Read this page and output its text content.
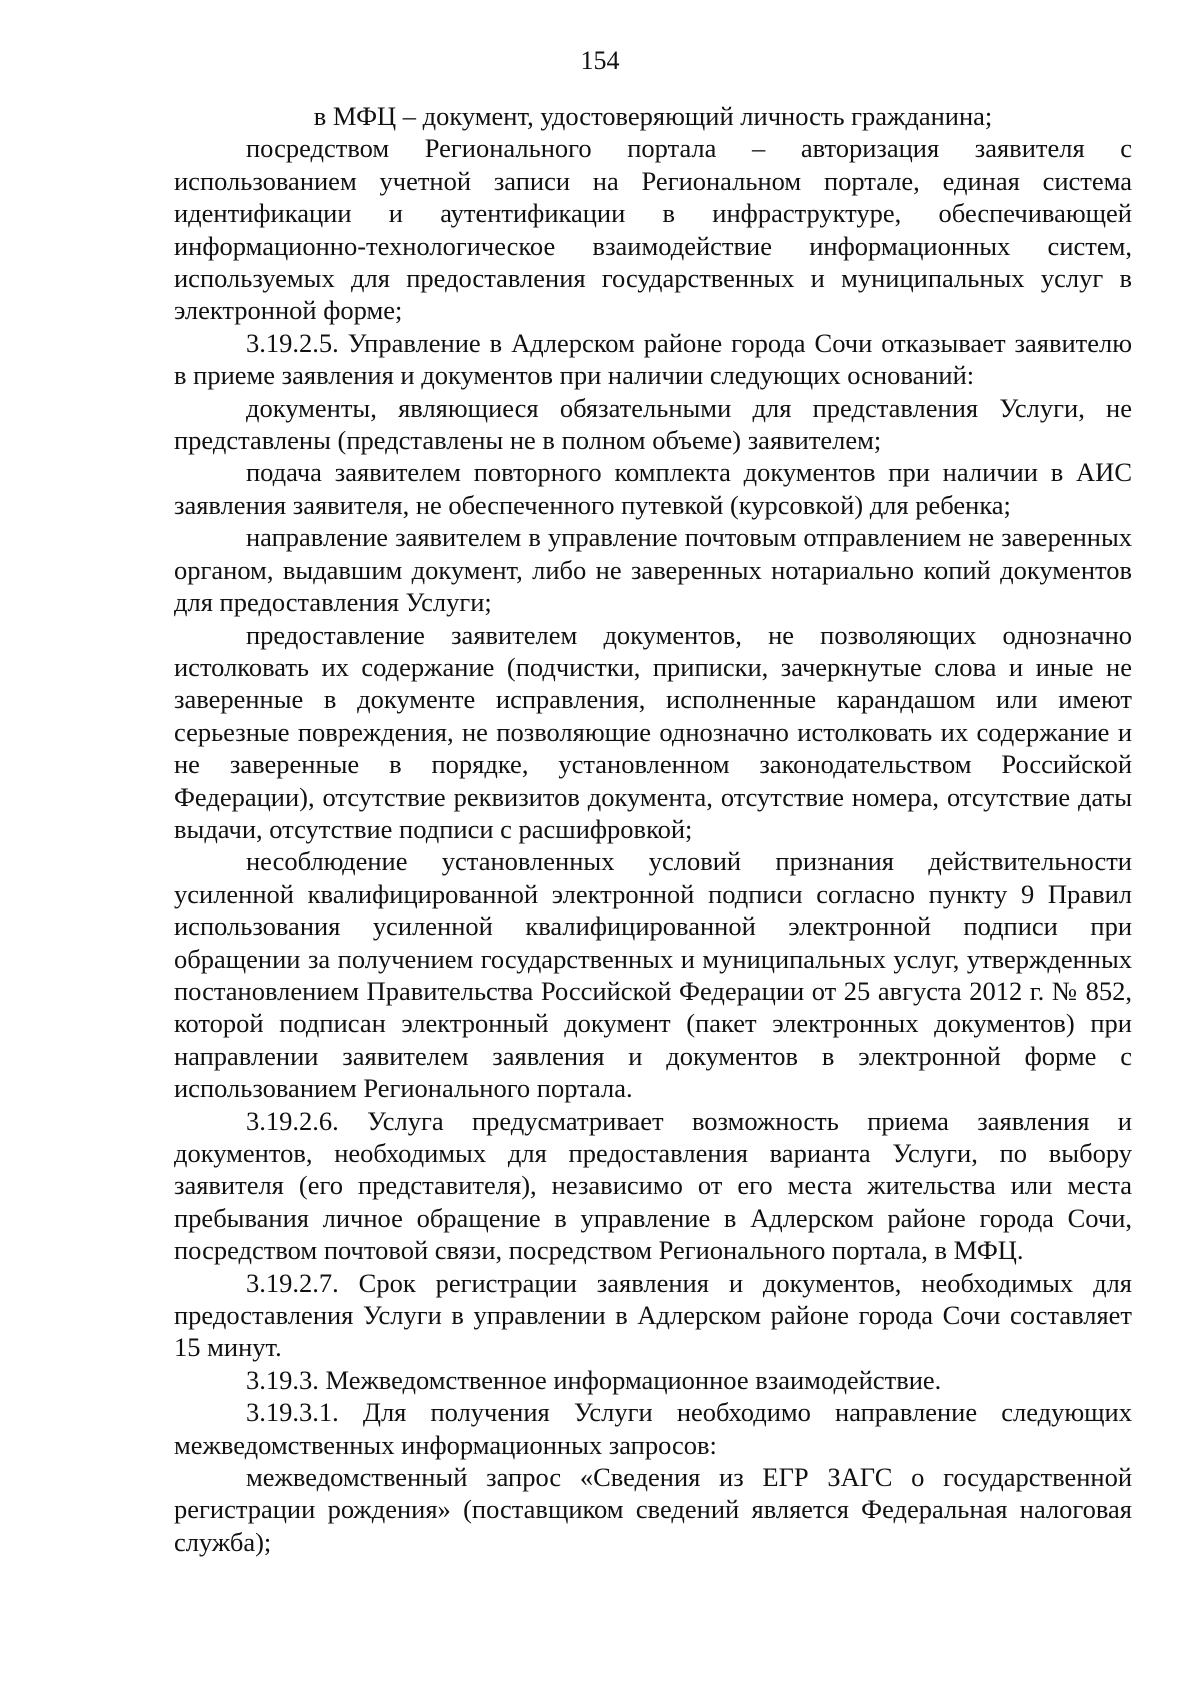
154

в МФЦ – документ, удостоверяющий личность гражданина;

посредством Регионального портала – авторизация заявителя с использованием учетной записи на Региональном портале, единая система идентификации и аутентификации в инфраструктуре, обеспечивающей информационно-технологическое взаимодействие информационных систем, используемых для предоставления государственных и муниципальных услуг в электронной форме;

3.19.2.5. Управление в Адлерском районе города Сочи отказывает заявителю в приеме заявления и документов при наличии следующих оснований:

документы, являющиеся обязательными для представления Услуги, не представлены (представлены не в полном объеме) заявителем;

подача заявителем повторного комплекта документов при наличии в АИС заявления заявителя, не обеспеченного путевкой (курсовкой) для ребенка;

направление заявителем в управление почтовым отправлением не заверенных органом, выдавшим документ, либо не заверенных нотариально копий документов для предоставления Услуги;

предоставление заявителем документов, не позволяющих однозначно истолковать их содержание (подчистки, приписки, зачеркнутые слова и иные не заверенные в документе исправления, исполненные карандашом или имеют серьезные повреждения, не позволяющие однозначно истолковать их содержание и не заверенные в порядке, установленном законодательством Российской Федерации), отсутствие реквизитов документа, отсутствие номера, отсутствие даты выдачи, отсутствие подписи с расшифровкой;

несоблюдение установленных условий признания действительности усиленной квалифицированной электронной подписи согласно пункту 9 Правил использования усиленной квалифицированной электронной подписи при обращении за получением государственных и муниципальных услуг, утвержденных постановлением Правительства Российской Федерации от 25 августа 2012 г. № 852, которой подписан электронный документ (пакет электронных документов) при направлении заявителем заявления и документов в электронной форме с использованием Регионального портала.

3.19.2.6. Услуга предусматривает возможность приема заявления и документов, необходимых для предоставления варианта Услуги, по выбору заявителя (его представителя), независимо от его места жительства или места пребывания личное обращение в управление в Адлерском районе города Сочи, посредством почтовой связи, посредством Регионального портала, в МФЦ.

3.19.2.7. Срок регистрации заявления и документов, необходимых для предоставления Услуги в управлении в Адлерском районе города Сочи составляет 15 минут.

3.19.3. Межведомственное информационное взаимодействие.

3.19.3.1. Для получения Услуги необходимо направление следующих межведомственных информационных запросов:

межведомственный запрос «Сведения из ЕГР ЗАГС о государственной регистрации рождения» (поставщиком сведений является Федеральная налоговая служба);
